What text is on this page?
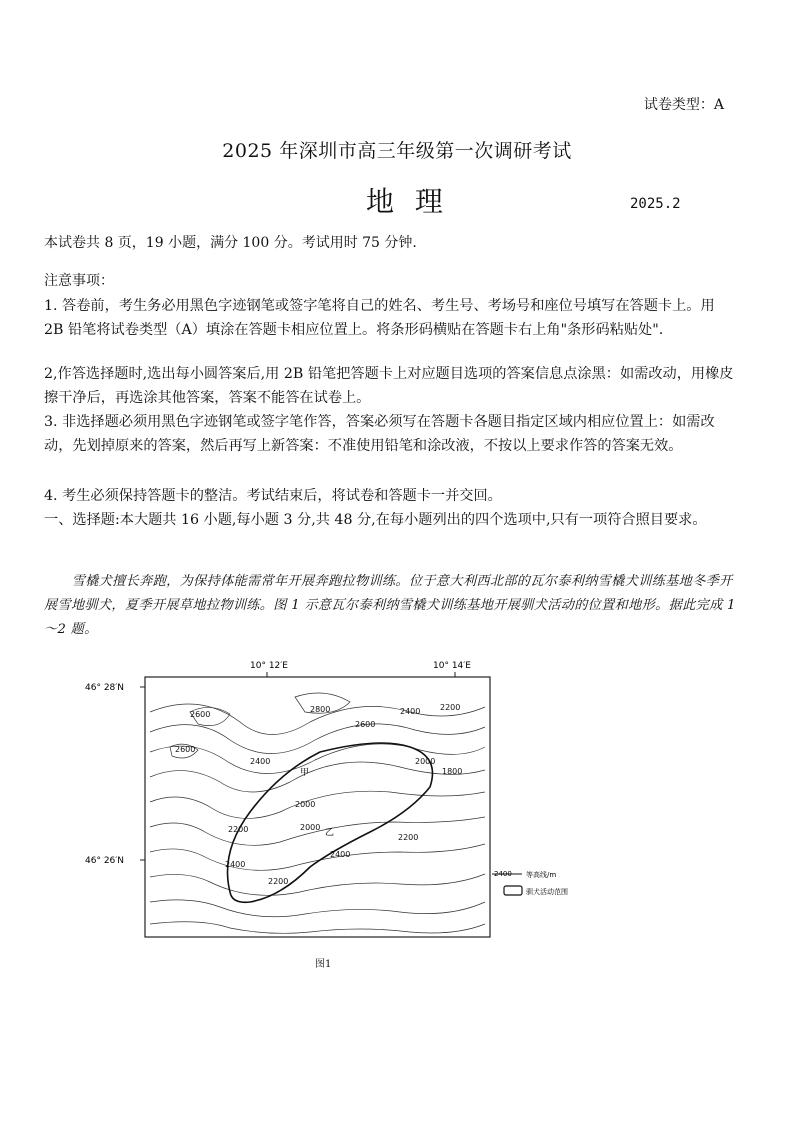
试卷类型：A
2025 年深圳市高三年级第一次调研考试
地 理	2025.2
本试卷共 8 页，19 小题，满分 100 分。考试用时 75 分钟.
注意事项：
1. 答卷前，考生务必用黑色字迹钢笔或签字笔将自己的姓名、考生号、考场号和座位号填写在答题卡上。用 2B 铅笔将试卷类型（A）填涂在答题卡相应位置上。将条形码横贴在答题卡右上角"条形码粘贴处".
2,作答选择题时,选出每小圆答案后,用 2B 铅笔把答题卡上对应题目选项的答案信息点涂黑：如需改动，用橡皮擦干净后，再选涂其他答案，答案不能答在试卷上。
3. 非选择题必须用黑色字迹钢笔或签字笔作答，答案必须写在答题卡各题目指定区域内相应位置上：如需改动，先划掉原来的答案，然后再写上新答案：不准使用铅笔和涂改液，不按以上要求作答的答案无效。
4. 考生必须保持答题卡的整洁。考试结束后，将试卷和答题卡一并交回。
一、选择题:本大题共 16 小题,每小题 3 分,共 48 分,在每小题列出的四个选项中,只有一项符合照目要求。
雪橇犬擅长奔跑，为保持体能需常年开展奔跑拉物训练。位于意大利西北部的瓦尔泰利纳雪橇犬训练基地冬季开展雪地驯犬，夏季开展草地拉物训练。图 1 示意瓦尔泰利纳雪橇犬训练基地开展驯犬活动的位置和地形。据此完成 1～2 题。
10° 12′E	10° 14′E
46° 28′N
46° 26′N
2600
2600
2800
2600
2400 2200
2400	2000
1800
2200
2000
2000
2200
2400
2400
2200
甲
乙
2400 等高线/m
驯犬活动范围
图1
